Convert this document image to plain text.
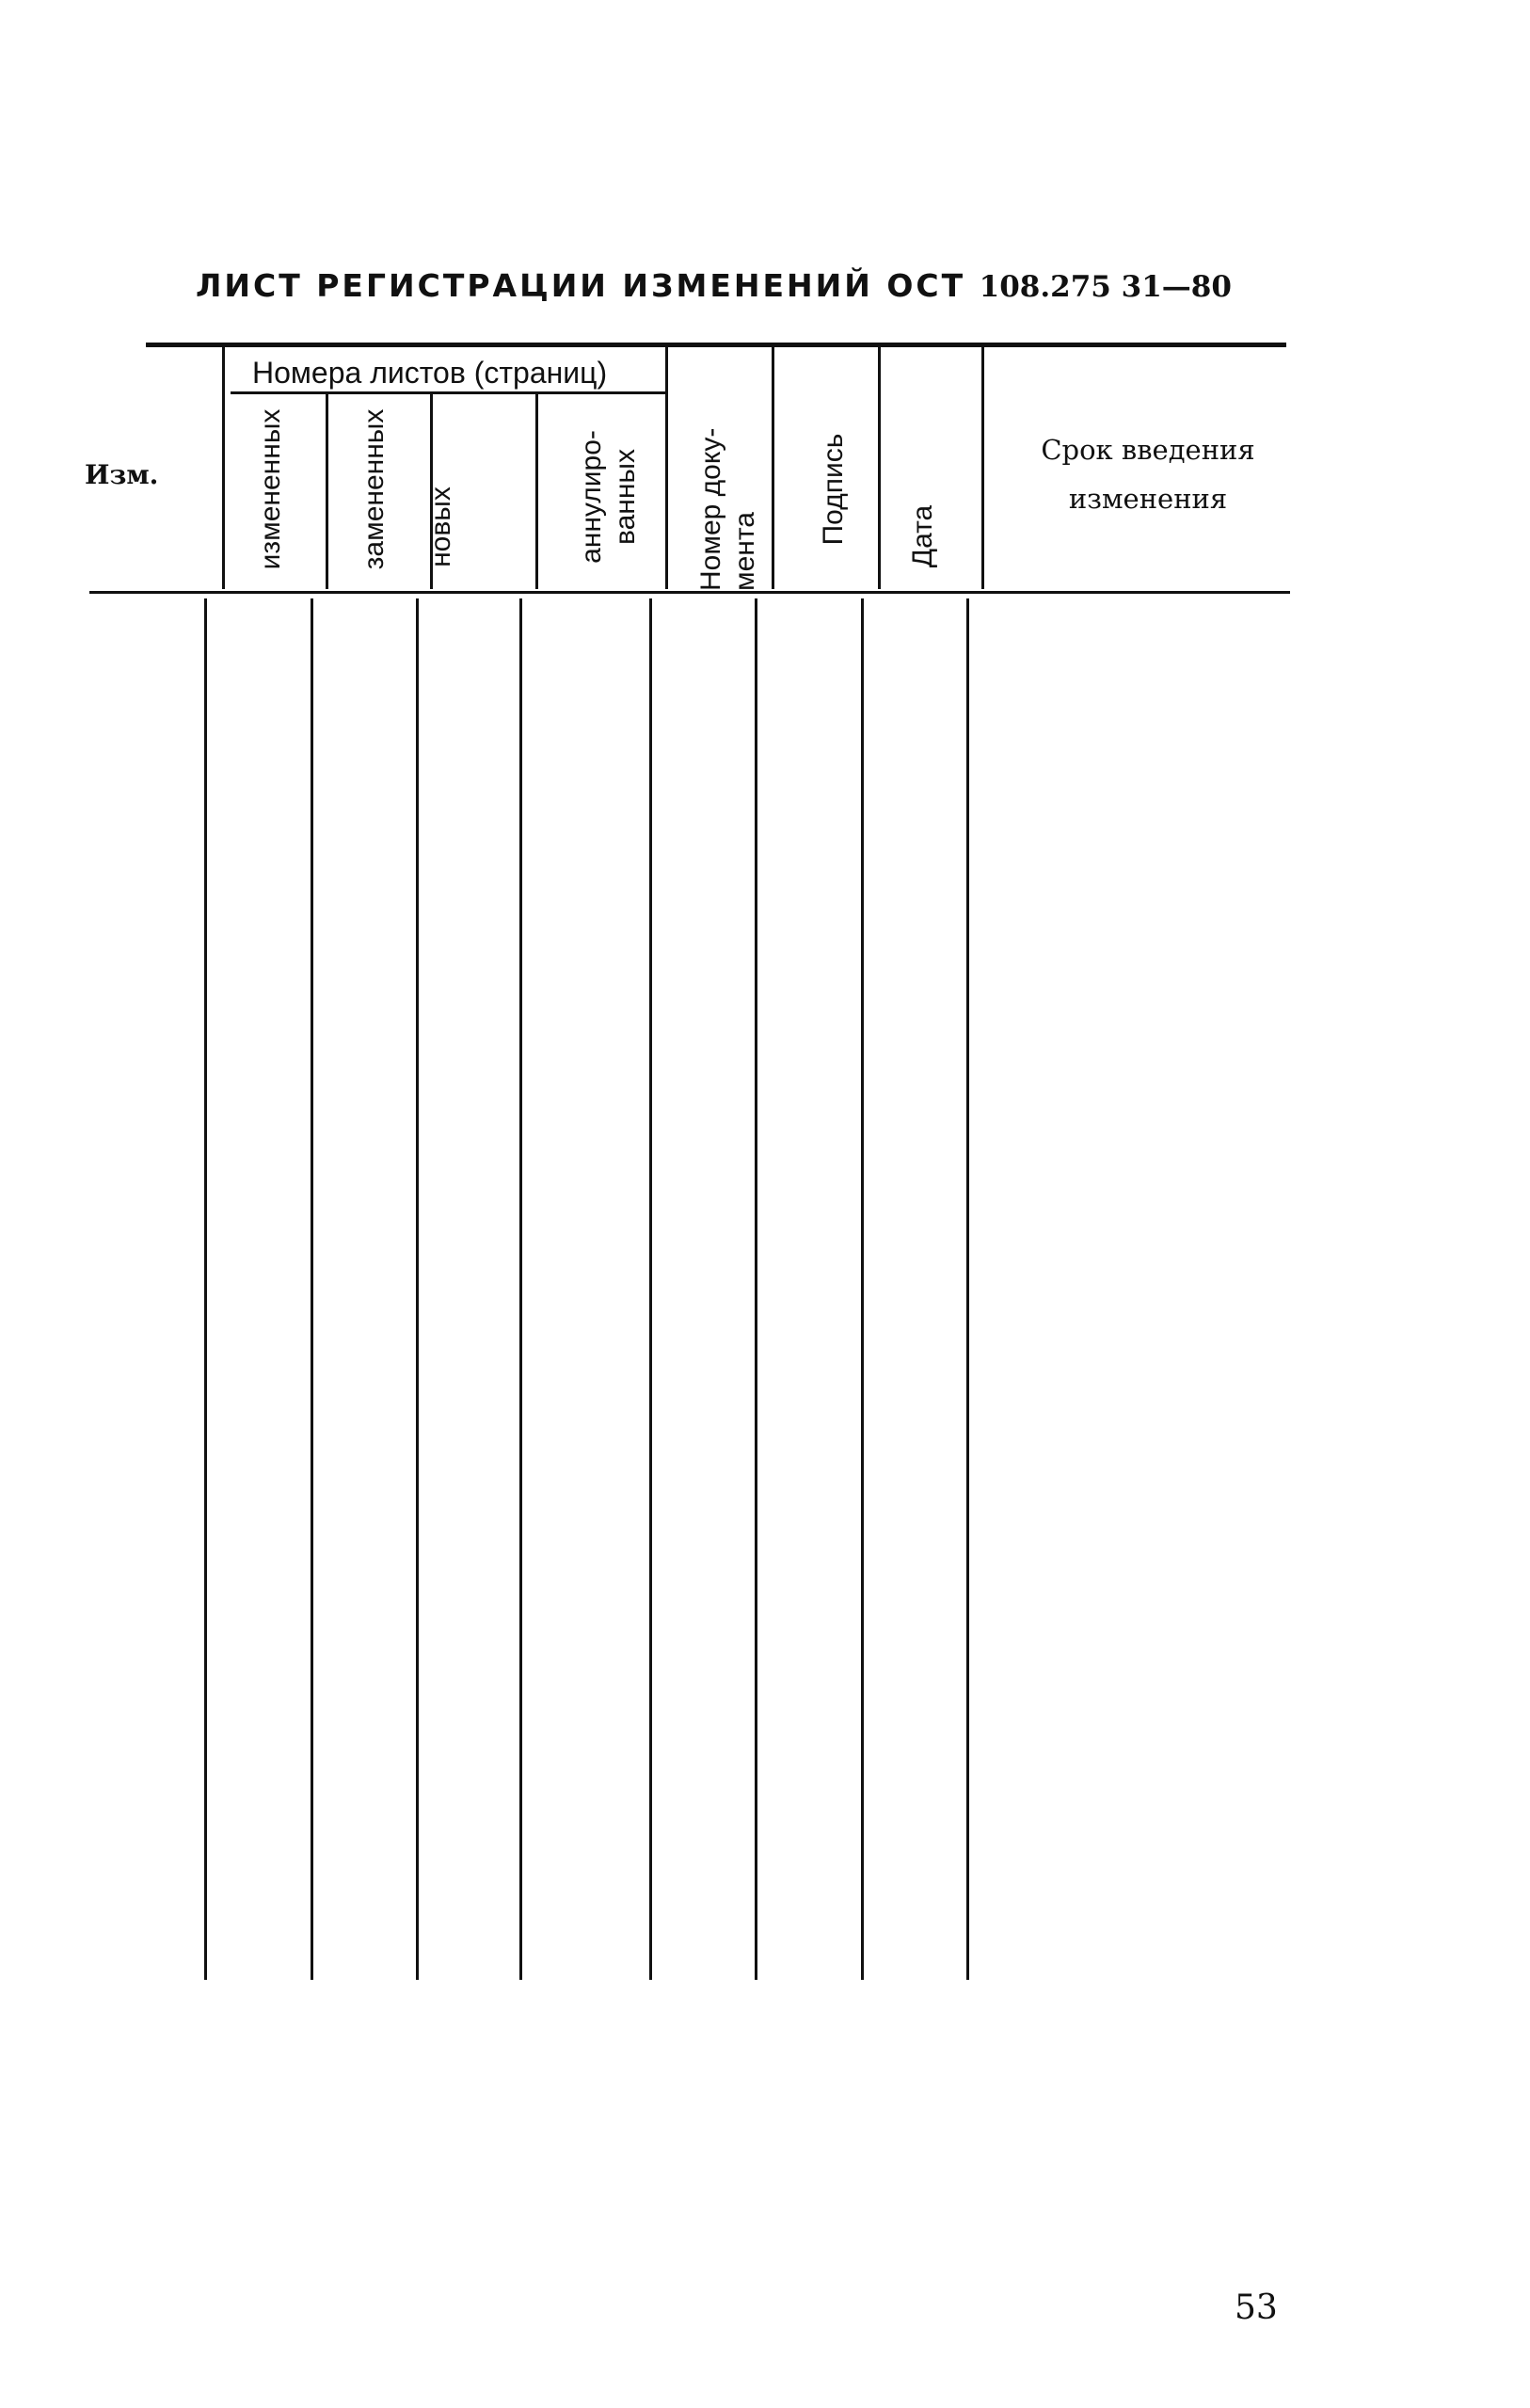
ЛИСТ РЕГИСТРАЦИИ ИЗМЕНЕНИЙ ОСТ 108.275 31—80
Изм.
Номера листов (страниц)
измененных	замененных новых	аннулиро- ванных Номер доку- мента
Подпись Дата
Срок введения
изменения
53
